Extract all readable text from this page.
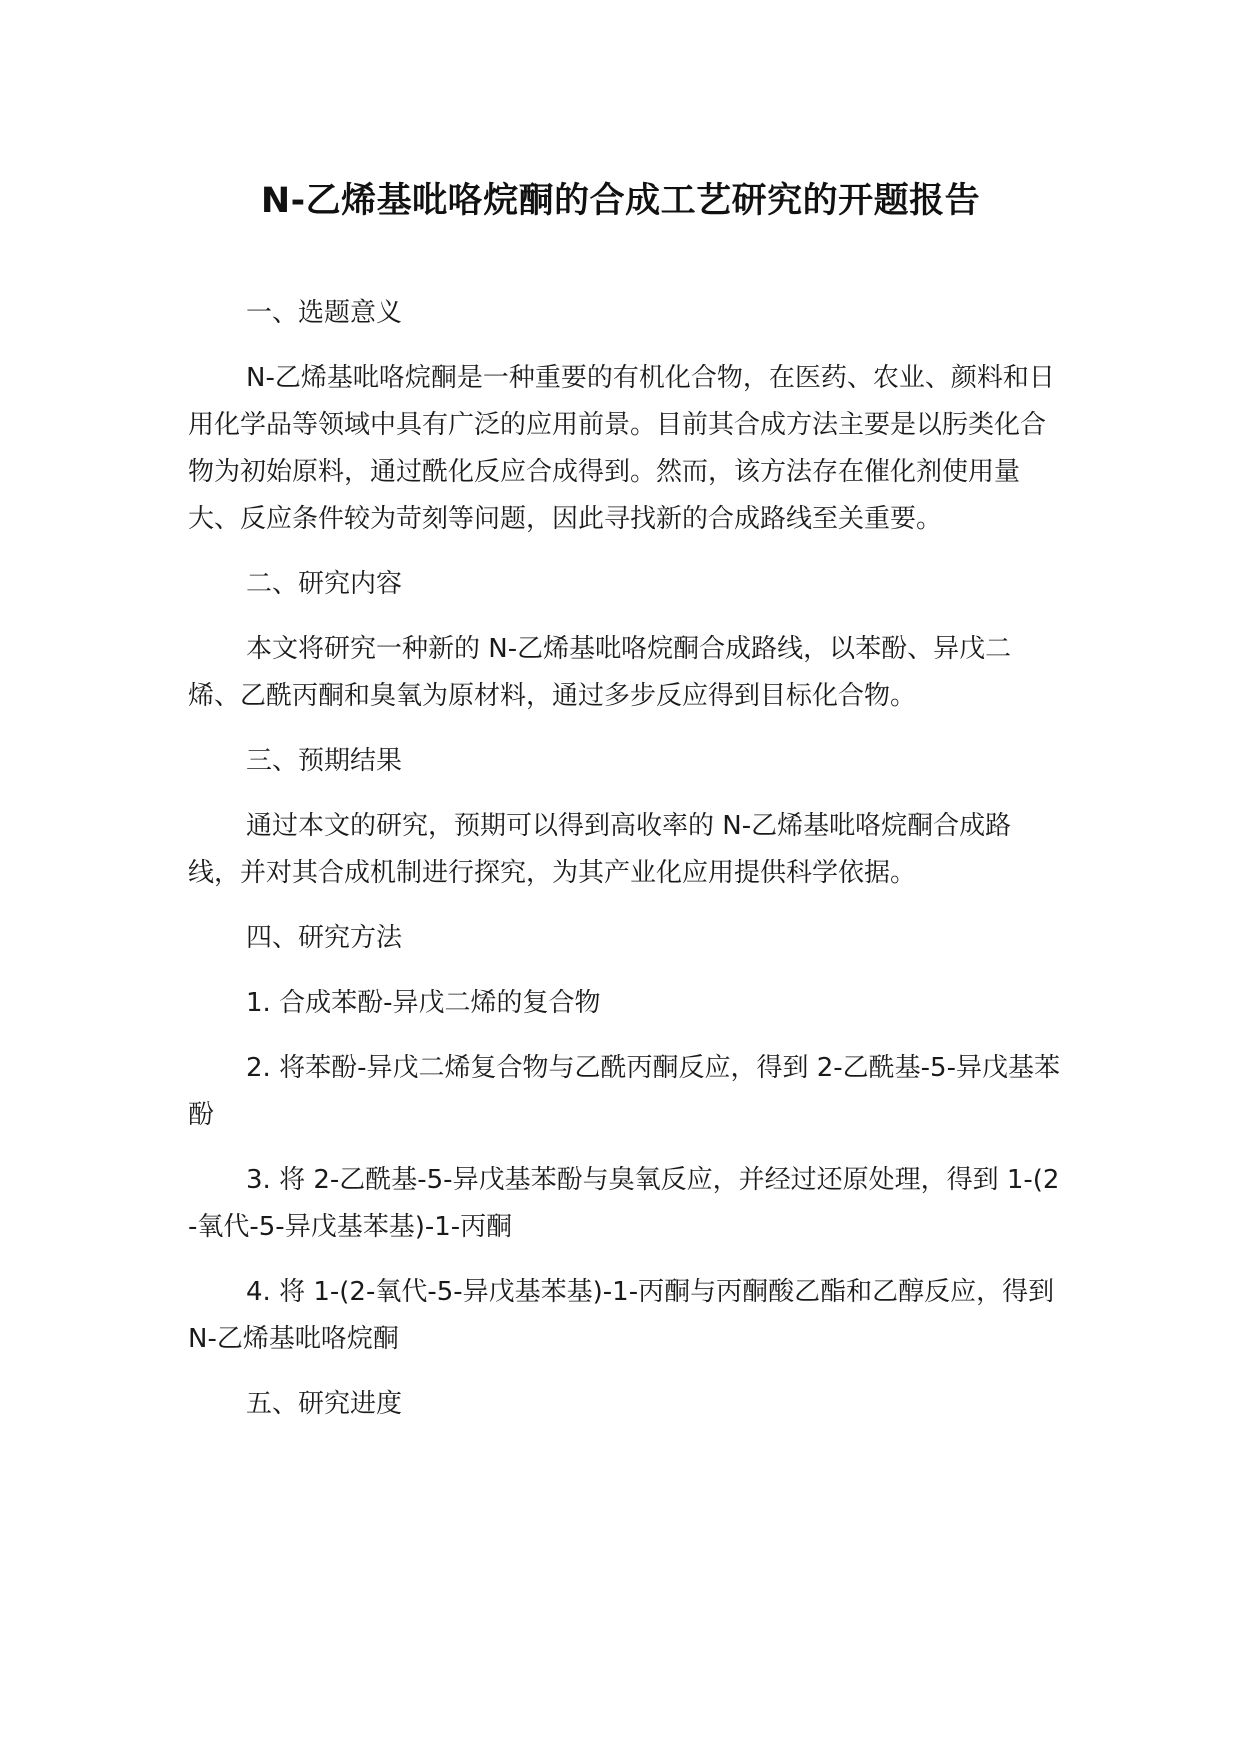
N-乙烯基吡咯烷酮的合成工艺研究的开题报告

一、选题意义

N-乙烯基吡咯烷酮是一种重要的有机化合物，在医药、农业、颜料和日用化学品等领域中具有广泛的应用前景。目前其合成方法主要是以肟类化合物为初始原料，通过酰化反应合成得到。然而，该方法存在催化剂使用量大、反应条件较为苛刻等问题，因此寻找新的合成路线至关重要。

二、研究内容

本文将研究一种新的 N-乙烯基吡咯烷酮合成路线，以苯酚、异戊二烯、乙酰丙酮和臭氧为原材料，通过多步反应得到目标化合物。

三、预期结果

通过本文的研究，预期可以得到高收率的 N-乙烯基吡咯烷酮合成路线，并对其合成机制进行探究，为其产业化应用提供科学依据。

四、研究方法

1. 合成苯酚-异戊二烯的复合物

2. 将苯酚-异戊二烯复合物与乙酰丙酮反应，得到 2-乙酰基-5-异戊基苯酚

3. 将 2-乙酰基-5-异戊基苯酚与臭氧反应，并经过还原处理，得到 1-(2-氧代-5-异戊基苯基)-1-丙酮

4. 将 1-(2-氧代-5-异戊基苯基)-1-丙酮与丙酮酸乙酯和乙醇反应，得到 N-乙烯基吡咯烷酮

五、研究进度
